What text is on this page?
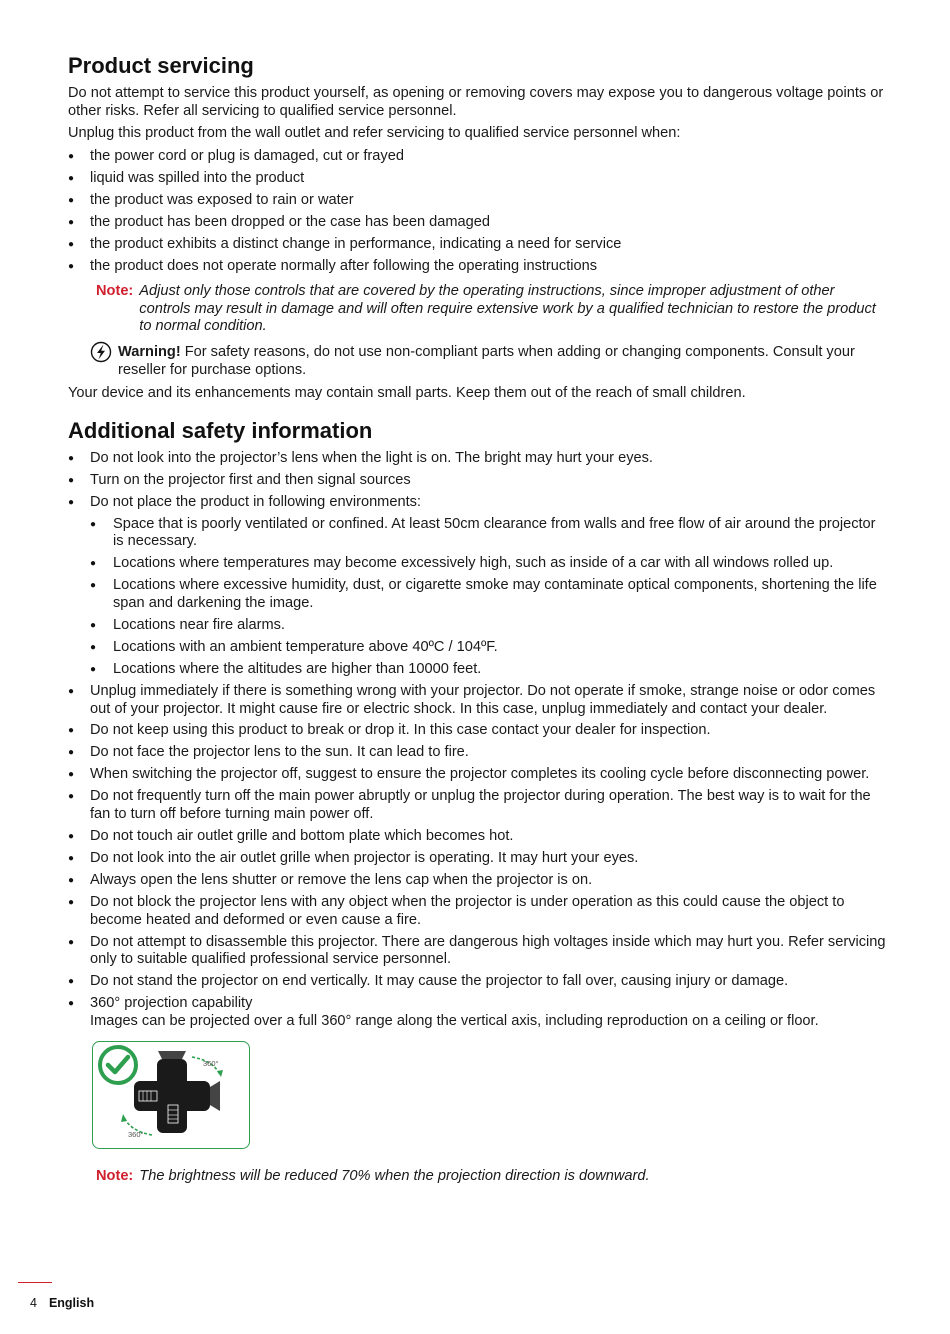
Product servicing

Do not attempt to service this product yourself, as opening or removing covers may expose you to dangerous voltage points or other risks. Refer all servicing to qualified service personnel.

Unplug this product from the wall outlet and refer servicing to qualified service personnel when:

● the power cord or plug is damaged, cut or frayed
● liquid was spilled into the product
● the product was exposed to rain or water
● the product has been dropped or the case has been damaged
● the product exhibits a distinct change in performance, indicating a need for service
● the product does not operate normally after following the operating instructions
Note: Adjust only those controls that are covered by the operating instructions, since improper adjustment of other controls may result in damage and will often require extensive work by a qualified technician to restore the product to normal condition.
Warning! For safety reasons, do not use non-compliant parts when adding or changing components. Consult your reseller for purchase options.

Your device and its enhancements may contain small parts. Keep them out of the reach of small children.

Additional safety information
● Do not look into the projector’s lens when the light is on. The bright may hurt your eyes.
● Turn on the projector first and then signal sources
● Do not place the product in following environments:
● Space that is poorly ventilated or confined. At least 50cm clearance from walls and free flow of air around the projector is necessary.
● Locations where temperatures may become excessively high, such as inside of a car with all windows rolled up.
● Locations where excessive humidity, dust, or cigarette smoke may contaminate optical components, shortening the life span and darkening the image.
● Locations near fire alarms.
● Locations with an ambient temperature above 40ºC / 104ºF.
● Locations where the altitudes are higher than 10000 feet.
● Unplug immediately if there is something wrong with your projector. Do not operate if smoke, strange noise or odor comes out of your projector. It might cause fire or electric shock. In this case, unplug immediately and contact your dealer.
● Do not keep using this product to break or drop it. In this case contact your dealer for inspection.
● Do not face the projector lens to the sun. It can lead to fire.
● When switching the projector off, suggest to ensure the projector completes its cooling cycle before disconnecting power.
● Do not frequently turn off the main power abruptly or unplug the projector during operation. The best way is to wait for the fan to turn off before turning main power off.
● Do not touch air outlet grille and bottom plate which becomes hot.
● Do not look into the air outlet grille when projector is operating. It may hurt your eyes.
● Always open the lens shutter or remove the lens cap when the projector is on.
● Do not block the projector lens with any object when the projector is under operation as this could cause the object to become heated and deformed or even cause a fire.
● Do not attempt to disassemble this projector. There are dangerous high voltages inside which may hurt you. Refer servicing only to suitable qualified professional service personnel.
● Do not stand the projector on end vertically. It may cause the projector to fall over, causing injury or damage.
● 360° projection capability
Images can be projected over a full 360° range along the vertical axis, including reproduction on a ceiling or floor.
360°
360°
Note: The brightness will be reduced 70% when the projection direction is downward.
4 English
